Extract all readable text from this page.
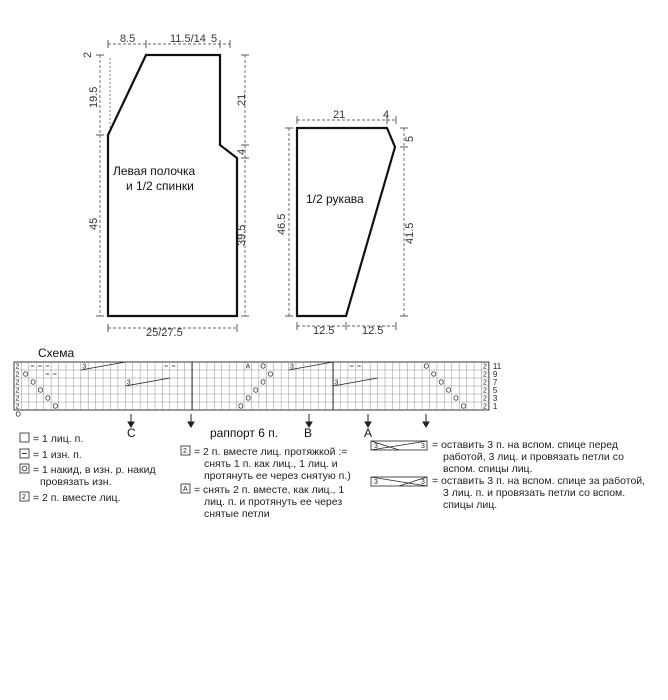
8.5	11.5/14 5
2
19.5
45
21
4
39.5
25/27.5
Левая полочка
и 1/2 спинки
21	4
5
41.5
46.5
12.5	12.5
1/2 рукава
Схема
2
2
2
2
2
2
2
2
2
2
2
2
O
O
O
O
O
O
O
O
O
O
O
O
O
O
O
O
O
O
A
3	3
3	3
11
9
7
5
3
1
C	B	A
раппорт 6 п.
= 1 лиц. п.
= 1 изн. п.
= 1 накид, в изн. р. накид
провязать изн.
2 = 2 п. вместе лиц.
2 = 2 п. вместе лиц. протяжкой :=
снять 1 п. как лиц., 1 лиц. и
протянуть ее через снятую п.)
A = снять 2 п. вместе, как лиц., 1
лиц. п. и протянуть ее через
снятые петли
3	3 = оставить 3 п. на вспом. спице перед
работой, 3 лиц. и провязать петли со
вспом. спицы лиц.
3	3 = оставить 3 п. на вспом. спице за работой,
3 лиц. п. и провязать петли со вспом.
спицы лиц.
